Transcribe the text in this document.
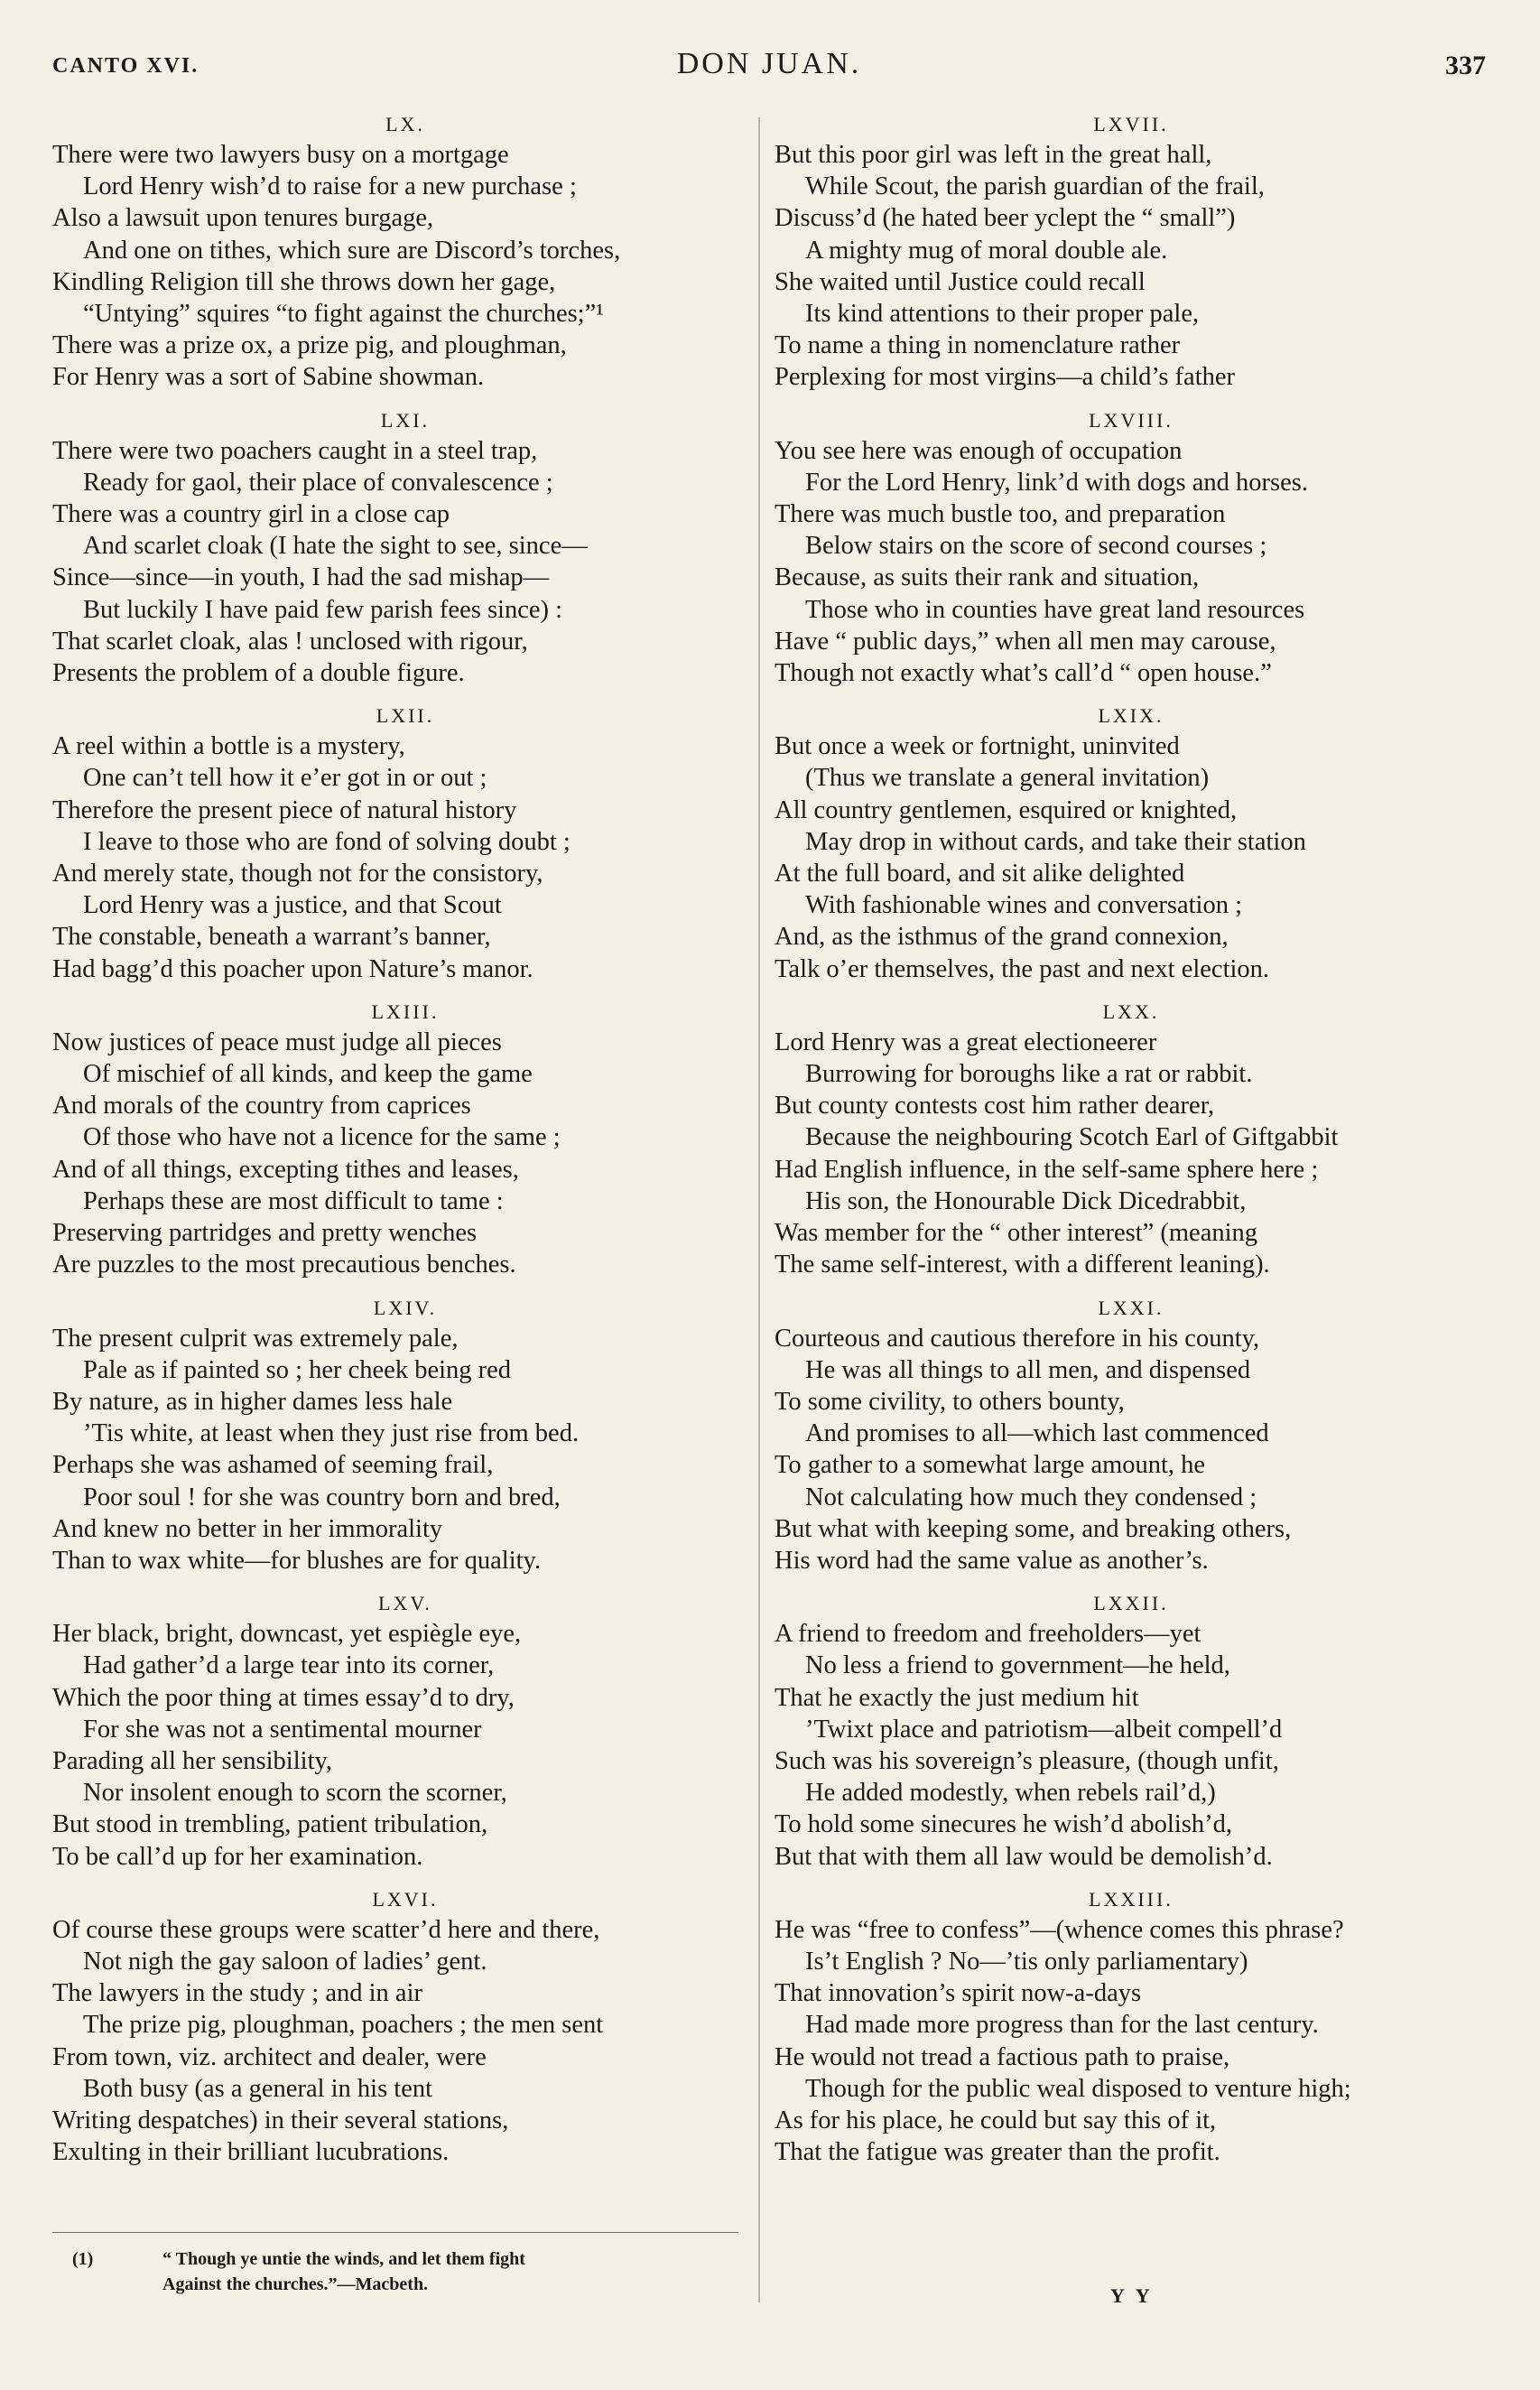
CANTO XVI.	DON JUAN.	337
LX.
There were two lawyers busy on a mortgage
Lord Henry wish’d to raise for a new purchase ;
Also a lawsuit upon tenures burgage,
And one on tithes, which sure are Discord’s torches,
Kindling Religion till she throws down her gage,
“Untying” squires “to fight against the churches;”¹
There was a prize ox, a prize pig, and ploughman,
For Henry was a sort of Sabine showman.
LXI.
There were two poachers caught in a steel trap,
Ready for gaol, their place of convalescence ;
There was a country girl in a close cap
And scarlet cloak (I hate the sight to see, since—
Since—since—in youth, I had the sad mishap—
But luckily I have paid few parish fees since) :
That scarlet cloak, alas ! unclosed with rigour,
Presents the problem of a double figure.
LXII.
A reel within a bottle is a mystery,
One can’t tell how it e’er got in or out ;
Therefore the present piece of natural history
I leave to those who are fond of solving doubt ;
And merely state, though not for the consistory,
Lord Henry was a justice, and that Scout
The constable, beneath a warrant’s banner,
Had bagg’d this poacher upon Nature’s manor.
LXIII.
Now justices of peace must judge all pieces
Of mischief of all kinds, and keep the game
And morals of the country from caprices
Of those who have not a licence for the same ;
And of all things, excepting tithes and leases,
Perhaps these are most difficult to tame :
Preserving partridges and pretty wenches
Are puzzles to the most precautious benches.
LXIV.
The present culprit was extremely pale,
Pale as if painted so ; her cheek being red
By nature, as in higher dames less hale
’Tis white, at least when they just rise from bed.
Perhaps she was ashamed of seeming frail,
Poor soul ! for she was country born and bred,
And knew no better in her immorality
Than to wax white—for blushes are for quality.
LXV.
Her black, bright, downcast, yet espiègle eye,
Had gather’d a large tear into its corner,
Which the poor thing at times essay’d to dry,
For she was not a sentimental mourner
Parading all her sensibility,
Nor insolent enough to scorn the scorner,
But stood in trembling, patient tribulation,
To be call’d up for her examination.
LXVI.
Of course these groups were scatter’d here and there,
Not nigh the gay saloon of ladies’ gent.
The lawyers in the study ; and in air
The prize pig, ploughman, poachers ; the men sent
From town, viz. architect and dealer, were
Both busy (as a general in his tent
Writing despatches) in their several stations,
Exulting in their brilliant lucubrations.
LXVII.
But this poor girl was left in the great hall,
While Scout, the parish guardian of the frail,
Discuss’d (he hated beer yclept the “ small”)
A mighty mug of moral double ale.
She waited until Justice could recall
Its kind attentions to their proper pale,
To name a thing in nomenclature rather
Perplexing for most virgins—a child’s father
LXVIII.
You see here was enough of occupation
For the Lord Henry, link’d with dogs and horses.
There was much bustle too, and preparation
Below stairs on the score of second courses ;
Because, as suits their rank and situation,
Those who in counties have great land resources
Have “ public days,” when all men may carouse,
Though not exactly what’s call’d “ open house.”
LXIX.
But once a week or fortnight, uninvited
(Thus we translate a general invitation)
All country gentlemen, esquired or knighted,
May drop in without cards, and take their station
At the full board, and sit alike delighted
With fashionable wines and conversation ;
And, as the isthmus of the grand connexion,
Talk o’er themselves, the past and next election.
LXX.
Lord Henry was a great electioneerer
Burrowing for boroughs like a rat or rabbit.
But county contests cost him rather dearer,
Because the neighbouring Scotch Earl of Giftgabbit
Had English influence, in the self-same sphere here ;
His son, the Honourable Dick Dicedrabbit,
Was member for the “ other interest” (meaning
The same self-interest, with a different leaning).
LXXI.
Courteous and cautious therefore in his county,
He was all things to all men, and dispensed
To some civility, to others bounty,
And promises to all—which last commenced
To gather to a somewhat large amount, he
Not calculating how much they condensed ;
But what with keeping some, and breaking others,
His word had the same value as another’s.
LXXII.
A friend to freedom and freeholders—yet
No less a friend to government—he held,
That he exactly the just medium hit
’Twixt place and patriotism—albeit compell’d
Such was his sovereign’s pleasure, (though unfit,
He added modestly, when rebels rail’d,)
To hold some sinecures he wish’d abolish’d,
But that with them all law would be demolish’d.
LXXIII.
He was “free to confess”—(whence comes this phrase?
Is’t English ? No—’tis only parliamentary)
That innovation’s spirit now-a-days
Had made more progress than for the last century.
He would not tread a factious path to praise,
Though for the public weal disposed to venture high;
As for his place, he could but say this of it,
That the fatigue was greater than the profit.
(1)	“ Though ye untie the winds, and let them fight
Against the churches.”—Macbeth.	Y Y
